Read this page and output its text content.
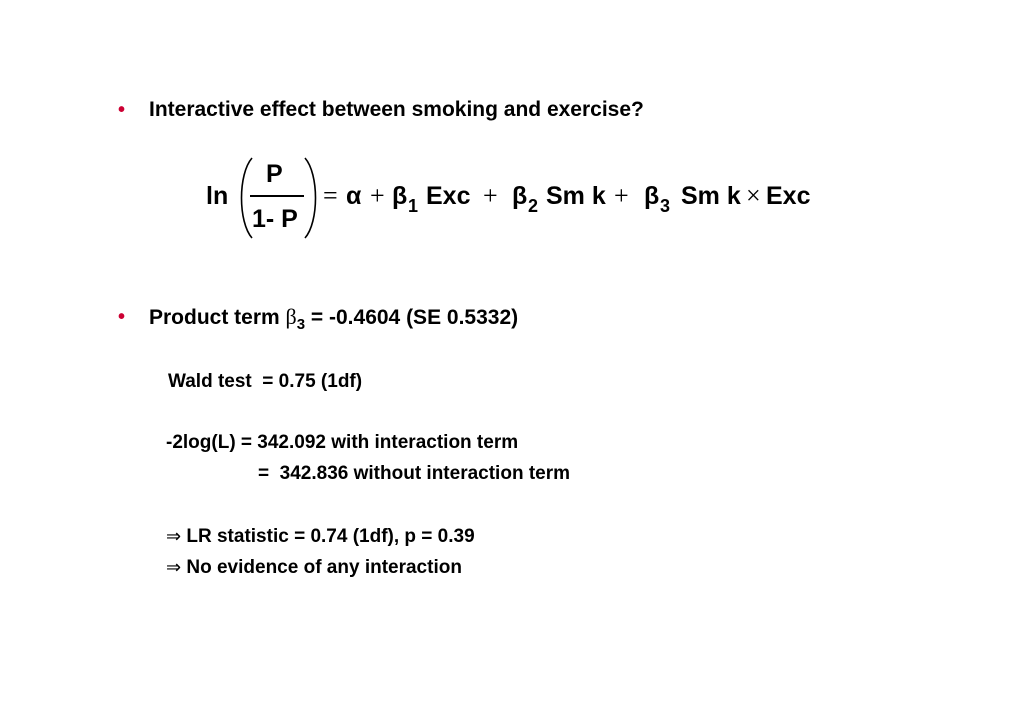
• Interactive effect between smoking and exercise?
ln
P
1- P
= α + β 1 Exc + β 2 Sm k + β 3 Sm k × Exc
• Product term $\beta_3 = -0.4604$ (SE 0.5332)
Wald test  = 0.75 (1df)
-2log(L) = 342.092 with interaction term
=  342.836 without interaction term
⇒ LR statistic = 0.74 (1df), p = 0.39
⇒ No evidence of any interaction
